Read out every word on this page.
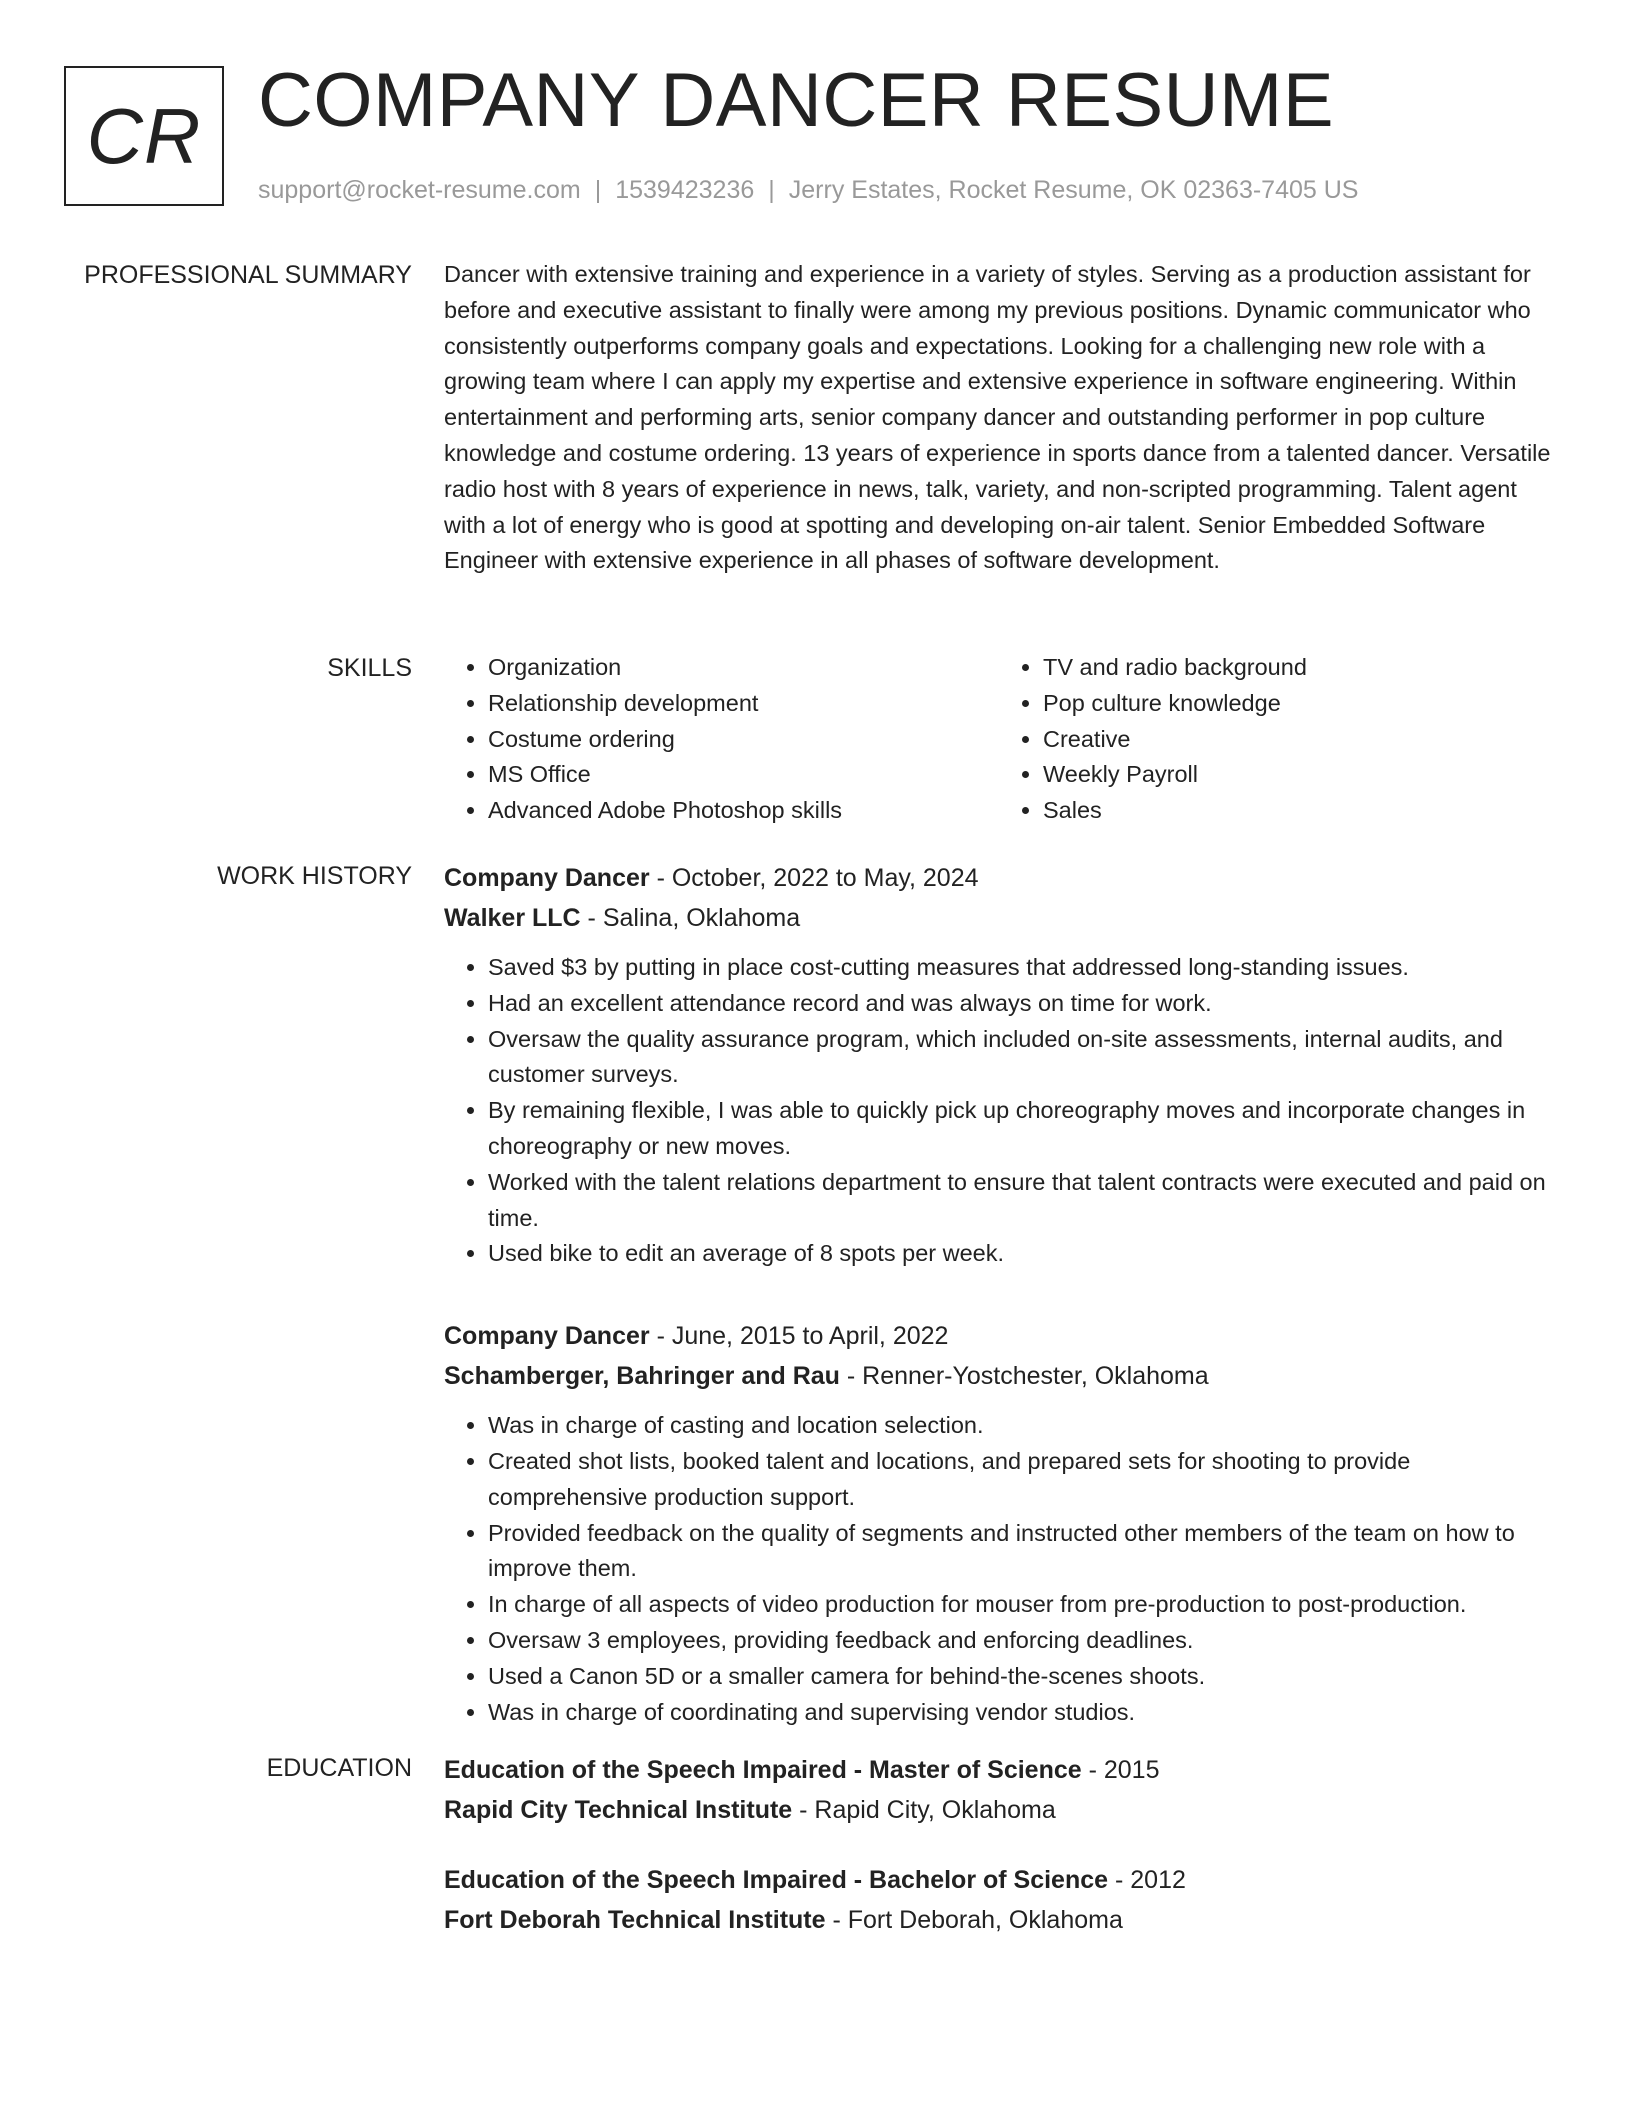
CR COMPANY DANCER RESUME
support@rocket-resume.com | 1539423236 | Jerry Estates, Rocket Resume, OK 02363-7405 US
PROFESSIONAL SUMMARY Dancer with extensive training and experience in a variety of styles. Serving as a production assistant for before and executive assistant to finally were among my previous positions. Dynamic communicator who consistently outperforms company goals and expectations. Looking for a challenging new role with a growing team where I can apply my expertise and extensive experience in software engineering. Within entertainment and performing arts, senior company dancer and outstanding performer in pop culture knowledge and costume ordering. 13 years of experience in sports dance from a talented dancer. Versatile radio host with 8 years of experience in news, talk, variety, and non-scripted programming. Talent agent with a lot of energy who is good at spotting and developing on-air talent. Senior Embedded Software Engineer with extensive experience in all phases of software development.

SKILLS
•	Organization
• Relationship development
• Costume ordering
• MS Office
• Advanced Adobe Photoshop skills
• TV and radio background
• Pop culture knowledge
• Creative
• Weekly Payroll
• Sales
WORK HISTORY Company Dancer - October, 2022 to May, 2024
Walker LLC - Salina, Oklahoma
• Saved $3 by putting in place cost-cutting measures that addressed long-standing issues.
• Had an excellent attendance record and was always on time for work.
• Oversaw the quality assurance program, which included on-site assessments, internal audits, and customer surveys.
• By remaining flexible, I was able to quickly pick up choreography moves and incorporate changes in choreography or new moves.
• Worked with the talent relations department to ensure that talent contracts were executed and paid on time.
• Used bike to edit an average of 8 spots per week.
Company Dancer - June, 2015 to April, 2022
Schamberger, Bahringer and Rau - Renner-Yostchester, Oklahoma
• Was in charge of casting and location selection.
• Created shot lists, booked talent and locations, and prepared sets for shooting to provide comprehensive production support.
• Provided feedback on the quality of segments and instructed other members of the team on how to improve them.
• In charge of all aspects of video production for mouser from pre-production to post-production.
• Oversaw 3 employees, providing feedback and enforcing deadlines.
• Used a Canon 5D or a smaller camera for behind-the-scenes shoots.
• Was in charge of coordinating and supervising vendor studios.
EDUCATION Education of the Speech Impaired - Master of Science - 2015
Rapid City Technical Institute - Rapid City, Oklahoma
Education of the Speech Impaired - Bachelor of Science - 2012
Fort Deborah Technical Institute - Fort Deborah, Oklahoma
